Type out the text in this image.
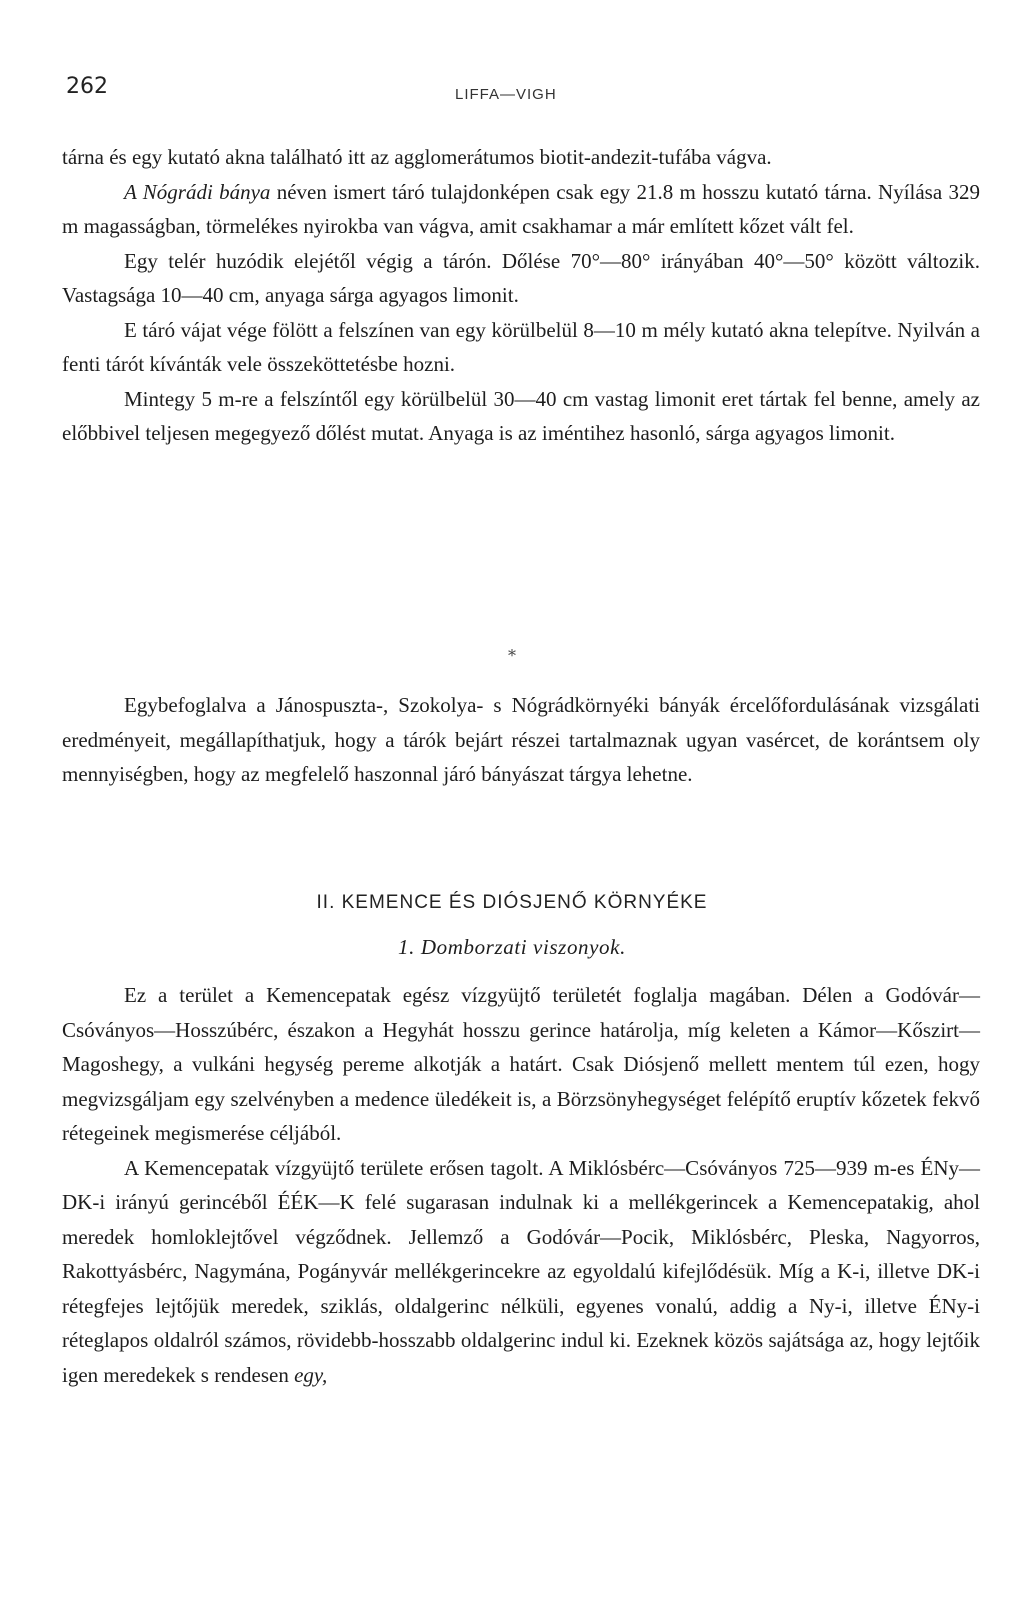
262	LIFFA—VIGH

tárna és egy kutató akna található itt az agglomerátumos biotit-andezit-tufába vágva.

A Nógrádi bánya néven ismert táró tulajdonképen csak egy 21.8 m hosszu kutató tárna. Nyílása 329 m magasságban, törmelékes nyirokba van vágva, amit csakhamar a már említett kőzet vált fel.

Egy telér huzódik elejétől végig a tárón. Dőlése 70°—80° irányában 40°—50° között változik. Vastagsága 10—40 cm, anyaga sárga agyagos limonit.

E táró vájat vége fölött a felszínen van egy körülbelül 8—10 m mély kutató akna telepítve. Nyilván a fenti tárót kívánták vele összeköttetésbe hozni.

Mintegy 5 m-re a felszíntől egy körülbelül 30—40 cm vastag limonit eret tártak fel benne, amely az előbbivel teljesen megegyező dőlést mutat. Anyaga is az iméntihez hasonló, sárga agyagos limonit.

*

Egybefoglalva a Jánospuszta-, Szokolya- s Nógrádkörnyéki bányák ércelőfordulásának vizsgálati eredményeit, megállapíthatjuk, hogy a tárók bejárt részei tartalmaznak ugyan vasércet, de korántsem oly mennyiségben, hogy az megfelelő haszonnal járó bányászat tárgya lehetne.

II. KEMENCE ÉS DIÓSJENŐ KÖRNYÉKE
1. Domborzati viszonyok.

Ez a terület a Kemencepatak egész vízgyüjtő területét foglalja magában. Délen a Godóvár—Csóványos—Hosszúbérc, északon a Hegyhát hosszu gerince határolja, míg keleten a Kámor—Kőszirt—Magoshegy, a vulkáni hegység pereme alkotják a határt. Csak Diósjenő mellett mentem túl ezen, hogy megvizsgáljam egy szelvényben a medence üledékeit is, a Börzsönyhegységet felépítő eruptív kőzetek fekvő rétegeinek megismerése céljából.

A Kemencepatak vízgyüjtő területe erősen tagolt. A Miklósbérc—Csóványos 725—939 m-es ÉNy—DK-i irányú gerincéből ÉÉK—K felé sugarasan indulnak ki a mellékgerincek a Kemencepatakig, ahol meredek homloklejtővel végződnek. Jellemző a Godóvár—Pocik, Miklósbérc, Pleska, Nagyorros, Rakottyásbérc, Nagymána, Pogányvár mellékgerincekre az egyoldalú kifejlődésük. Míg a K-i, illetve DK-i rétegfejes lejtőjük meredek, sziklás, oldalgerinc nélküli, egyenes vonalú, addig a Ny-i, illetve ÉNy-i réteglapos oldalról számos, rövidebb-hosszabb oldalgerinc indul ki. Ezeknek közös sajátsága az, hogy lejtőik igen meredekek s rendesen egy,
